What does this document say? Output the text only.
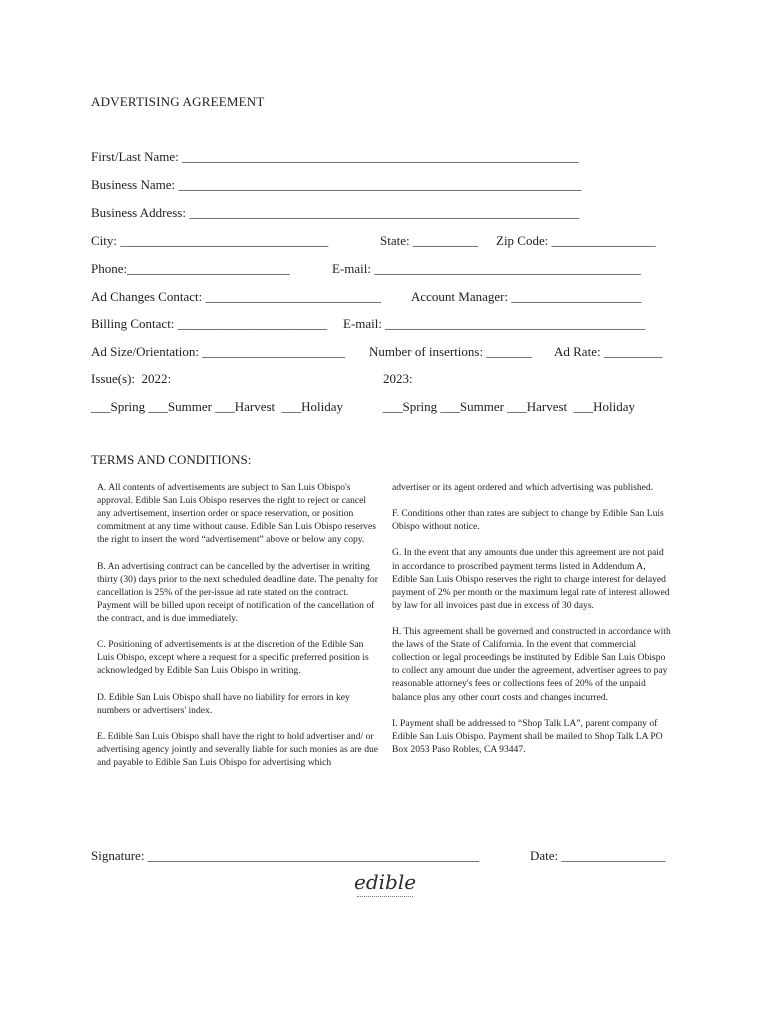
ADVERTISING AGREEMENT
First/Last Name: _____________________________________________________________
Business Name: ______________________________________________________________
Business Address: ____________________________________________________________
City: ________________________________	State: __________ Zip Code: ________________
Phone:_________________________	E-mail: _________________________________________
Ad Changes Contact: ___________________________ Account Manager: ____________________
Billing Contact: _______________________ E-mail: ________________________________________
Ad Size/Orientation: ______________________ Number of insertions: _______ Ad Rate: _________
Issue(s):  2022:	2023:
___Spring ___Summer ___Harvest  ___Holiday	___Spring ___Summer ___Harvest  ___Holiday
TERMS AND CONDITIONS:

A. All contents of advertisements are subject to San Luis Obispo's approval. Edible San Luis Obispo reserves the right to reject or cancel any advertisement, insertion order or space reservation, or position commitment at any time without cause. Edible San Luis Obispo reserves the right to insert the word “advertisement” above or below any copy.

B. An advertising contract can be cancelled by the advertiser in writing thirty (30) days prior to the next scheduled deadline date. The penalty for cancellation is 25% of the per-issue ad rate stated on the contract. Payment will be billed upon receipt of notification of the cancellation of the contract, and is due immediately.

C. Positioning of advertisements is at the discretion of the Edible San Luis Obispo, except where a request for a specific preferred position is acknowledged by Edible San Luis Obispo in writing.

D. Edible San Luis Obispo shall have no liability for errors in key numbers or advertisers' index.

E. Edible San Luis Obispo shall have the right to hold advertiser and/ or advertising agency jointly and severally liable for such monies as are due and payable to Edible San Luis Obispo for advertising which

advertiser or its agent ordered and which advertising was published.

F. Conditions other than rates are subject to change by Edible San Luis Obispo without notice.

G. In the event that any amounts due under this agreement are not paid in accordance to proscribed payment terms listed in Addendum A, Edible San Luis Obispo reserves the right to charge interest for delayed payment of 2% per month or the maximum legal rate of interest allowed by law for all invoices past due in excess of 30 days.

H. This agreement shall be governed and constructed in accordance with the laws of the State of California. In the event that commercial collection or legal proceedings be instituted by Edible San Luis Obispo to collect any amount due under the agreement, advertiser agrees to pay reasonable attorney's fees or collections fees of 20% of the unpaid balance plus any other court costs and changes incurred.

I. Payment shall be addressed to “Shop Talk LA”, parent company of Edible San Luis Obispo. Payment shall be mailed to Shop Talk LA PO Box 2053 Paso Robles, CA 93447.

Signature: ___________________________________________________	Date: ________________
edible
